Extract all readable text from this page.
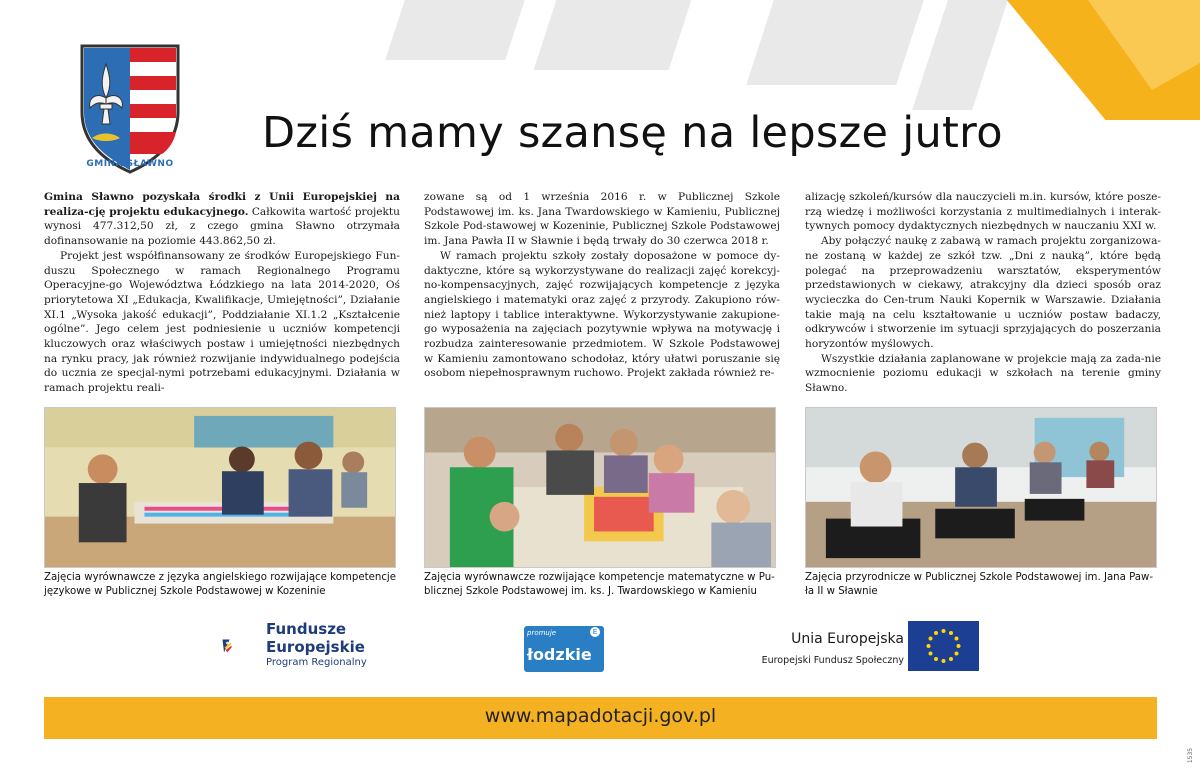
GMINA SŁAWNO
Dziś mamy szansę na lepsze jutro

Gmina Sławno pozyskała środki z Unii Europejskiej na realiza-cję projektu edukacyjnego. Całkowita wartość projektu wynosi 477.312,50 zł, z czego gmina Sławno otrzymała dofinansowanie na poziomie 443.862,50 zł.

Projekt jest współfinansowany ze środków Europejskiego Fun-duszu Społecznego w ramach Regionalnego Programu Operacyjne-go Województwa Łódzkiego na lata 2014-2020, Oś priorytetowa XI „Edukacja, Kwalifikacje, Umiejętności”, Działanie XI.1 „Wysoka jakość edukacji”, Poddziałanie XI.1.2 „Kształcenie ogólne”. Jego celem jest podniesienie u uczniów kompetencji kluczowych oraz właściwych postaw i umiejętności niezbędnych na rynku pracy, jak również rozwijanie indywidualnego podejścia do ucznia ze specjal-nymi potrzebami edukacyjnymi. Działania w ramach projektu reali-

zowane są od 1 września 2016 r. w Publicznej Szkole Podstawowej im. ks. Jana Twardowskiego w Kamieniu, Publicznej Szkole Pod-stawowej w Kozeninie, Publicznej Szkole Podstawowej im. Jana Pawła II w Sławnie i będą trwały do 30 czerwca 2018 r.

W ramach projektu szkoły zostały doposażone w pomoce dy-daktyczne, które są wykorzystywane do realizacji zajęć korekcyj-no-kompensacyjnych, zajęć rozwijających kompetencje z języka angielskiego i matematyki oraz zajęć z przyrody. Zakupiono rów-nież laptopy i tablice interaktywne. Wykorzystywanie zakupione-go wyposażenia na zajęciach pozytywnie wpływa na motywację i rozbudza zainteresowanie przedmiotem. W Szkole Podstawowej w Kamieniu zamontowano schodołaz, który ułatwi poruszanie się osobom niepełnosprawnym ruchowo. Projekt zakłada również re-

alizację szkoleń/kursów dla nauczycieli m.in. kursów, które posze-rzą wiedzę i możliwości korzystania z multimedialnych i interak-tywnych pomocy dydaktycznych niezbędnych w nauczaniu XXI w.

Aby połączyć naukę z zabawą w ramach projektu zorganizowa-ne zostaną w każdej ze szkół tzw. „Dni z nauką”, które będą polegać na przeprowadzeniu warsztatów, eksperymentów przedstawionych w ciekawy, atrakcyjny dla dzieci sposób oraz wycieczka do Cen-trum Nauki Kopernik w Warszawie. Działania takie mają na celu kształtowanie u uczniów postaw badaczy, odkrywców i stworzenie im sytuacji sprzyjających do poszerzania horyzontów myślowych.

Wszystkie działania zaplanowane w projekcie mają za zada-nie wzmocnienie poziomu edukacji w szkołach na terenie gminy Sławno.

Zajęcia wyrównawcze z języka angielskiego rozwijające kompetencje językowe w Publicznej Szkole Podstawowej w Kozeninie
Zajęcia wyrównawcze rozwijające kompetencje matematyczne w Pu-blicznej Szkole Podstawowej im. ks. J. Twardowskiego w Kamieniu
Zajęcia przyrodnicze w Publicznej Szkole Podstawowej im. Jana Paw-ła II w Sławnie
Fundusze
Europejskie
Program Regionalny
promuje
łodzkie
E	Unia Europejska
Europejski Fundusz Społeczny
www.mapadotacji.gov.pl
1535
